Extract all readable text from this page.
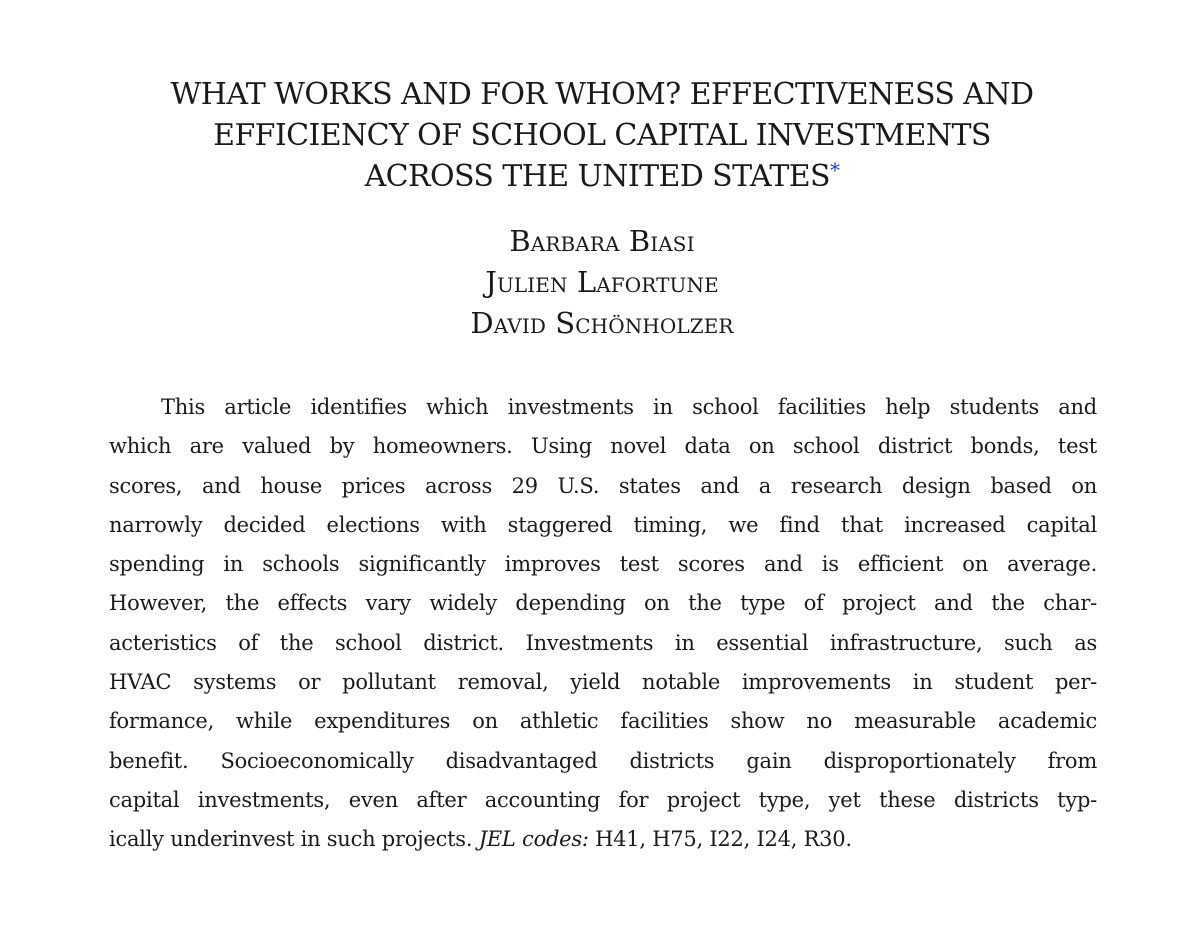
WHAT WORKS AND FOR WHOM? EFFECTIVENESS AND
EFFICIENCY OF SCHOOL CAPITAL INVESTMENTS
ACROSS THE UNITED STATES*
Barbara Biasi
Julien Lafortune
David Schönholzer
This article identifies which investments in school facilities help students and
which are valued by homeowners. Using novel data on school district bonds, test
scores, and house prices across 29 U.S. states and a research design based on
narrowly decided elections with staggered timing, we find that increased capital
spending in schools significantly improves test scores and is efficient on average.
However, the effects vary widely depending on the type of project and the char-
acteristics of the school district. Investments in essential infrastructure, such as
HVAC systems or pollutant removal, yield notable improvements in student per-
formance, while expenditures on athletic facilities show no measurable academic
benefit. Socioeconomically disadvantaged districts gain disproportionately from
capital investments, even after accounting for project type, yet these districts typ-
ically underinvest in such projects. JEL codes: H41, H75, I22, I24, R30.
